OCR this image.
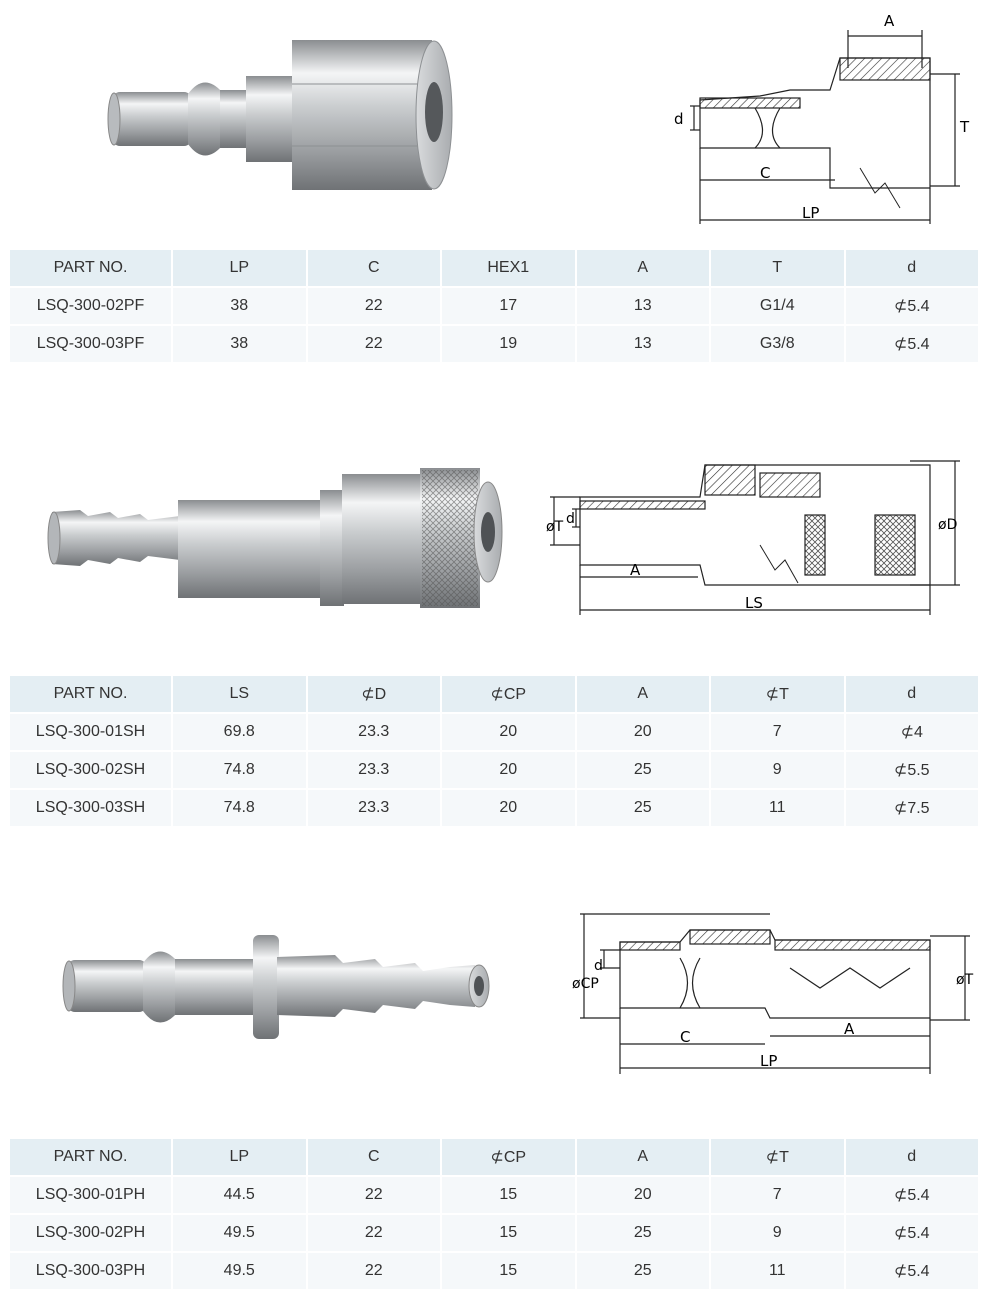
A
T
d
C
LP
PART NO.	LP	C	HEX1	A	T	d
LSQ-300-02PF	38	22	17	13	G1/4	⊄5.4
LSQ-300-03PF	38	22	19	13	G3/8	⊄5.4
øT d	øD
A
LS
PART NO.	LS	⊄D	⊄CP	A	⊄T	d
LSQ-300-01SH	69.8	23.3	20	20	7	⊄4
LSQ-300-02SH	74.8	23.3	20	25	9	⊄5.5
LSQ-300-03SH	74.8	23.3	20	25	11	⊄7.5
øCP
d
øT
C	A
LP
PART NO.	LP	C	⊄CP	A	⊄T	d
LSQ-300-01PH	44.5	22	15	20	7	⊄5.4
LSQ-300-02PH	49.5	22	15	25	9	⊄5.4
LSQ-300-03PH	49.5	22	15	25	11	⊄5.4
